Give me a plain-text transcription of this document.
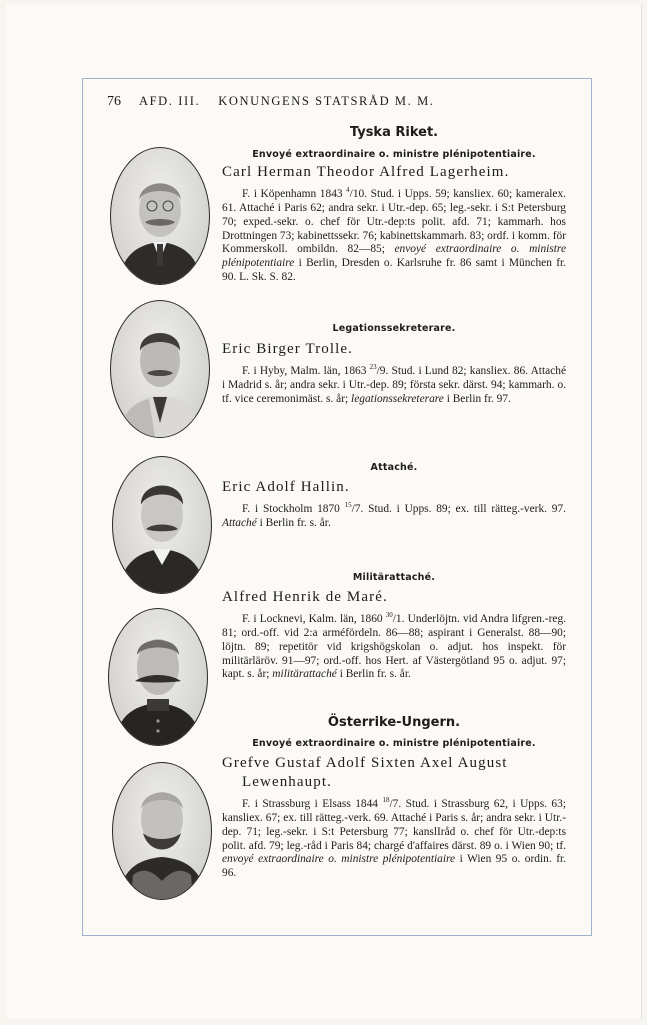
76 AFD. III. KONUNGENS STATSRÅD M. M.
Tyska Riket.
Envoyé extraordinaire o. ministre plénipotentiaire.
Carl Herman Theodor Alfred Lagerheim.

F. i Köpenhamn 1843 $^4$/10. Stud. i Upps. 59; kansliex. 60; kameralex. 61. Attaché i Paris 62; andra sekr. i Utr.-dep. 65; leg.-sekr. i S:t Petersburg 70; exped.-sekr. o. chef för Utr.-dep:ts polit. afd. 71; kammarh. hos Drottningen 73; kabinettssekr. 76; kabinettskammarh. 83; ordf. i komm. för Kommerskoll. ombildn. 82—85; envoyé extraordinaire o. ministre plénipotentiaire i Berlin, Dresden o. Karlsruhe fr. 86 samt i München fr. 90. L. Sk. S. 82.

Legationssekreterare.
Eric Birger Trolle.

F. i Hyby, Malm. län, 1863 $^{23}$/9. Stud. i Lund 82; kansliex. 86. Attaché i Madrid s. år; andra sekr. i Utr.-dep. 89; första sekr. därst. 94; kammarh. o. tf. vice ceremonimäst. s. år; legationssekreterare i Berlin fr. 97.

Attaché.
Eric Adolf Hallin.

F. i Stockholm 1870 $^{15}$/7. Stud. i Upps. 89; ex. till rätteg.-verk. 97. Attaché i Berlin fr. s. år.

Militärattaché.
Alfred Henrik de Maré.

F. i Locknevi, Kalm. län, 1860 $^{30}$/1. Underlöjtn. vid Andra lifgren.-reg. 81; ord.-off. vid 2:a arméfördeln. 86—88; aspirant i Generalst. 88—90; löjtn. 89; repetitör vid krigshögskolan o. adjut. hos inspekt. för militärläröv. 91—97; ord.-off. hos Hert. af Västergötland 95 o. adjut. 97; kapt. s. år; militärattaché i Berlin fr. s. år.

Österrike-Ungern.
Envoyé extraordinaire o. ministre plénipotentiaire.
Grefve Gustaf Adolf Sixten Axel August
Lewenhaupt.

F. i Strassburg i Elsass 1844 $^{18}$/7. Stud. i Strassburg 62, i Upps. 63; kansliex. 67; ex. till rätteg.-verk. 69. Attaché i Paris s. år; andra sekr. i Utr.-dep. 71; leg.-sekr. i S:t Petersburg 77; kanslIråd o. chef för Utr.-dep:ts polit. afd. 79; leg.-råd i Paris 84; chargé d'affaires därst. 89 o. i Wien 90; tf. envoyé extraordinaire o. ministre plénipotentiaire i Wien 95 o. ordin. fr. 96.
